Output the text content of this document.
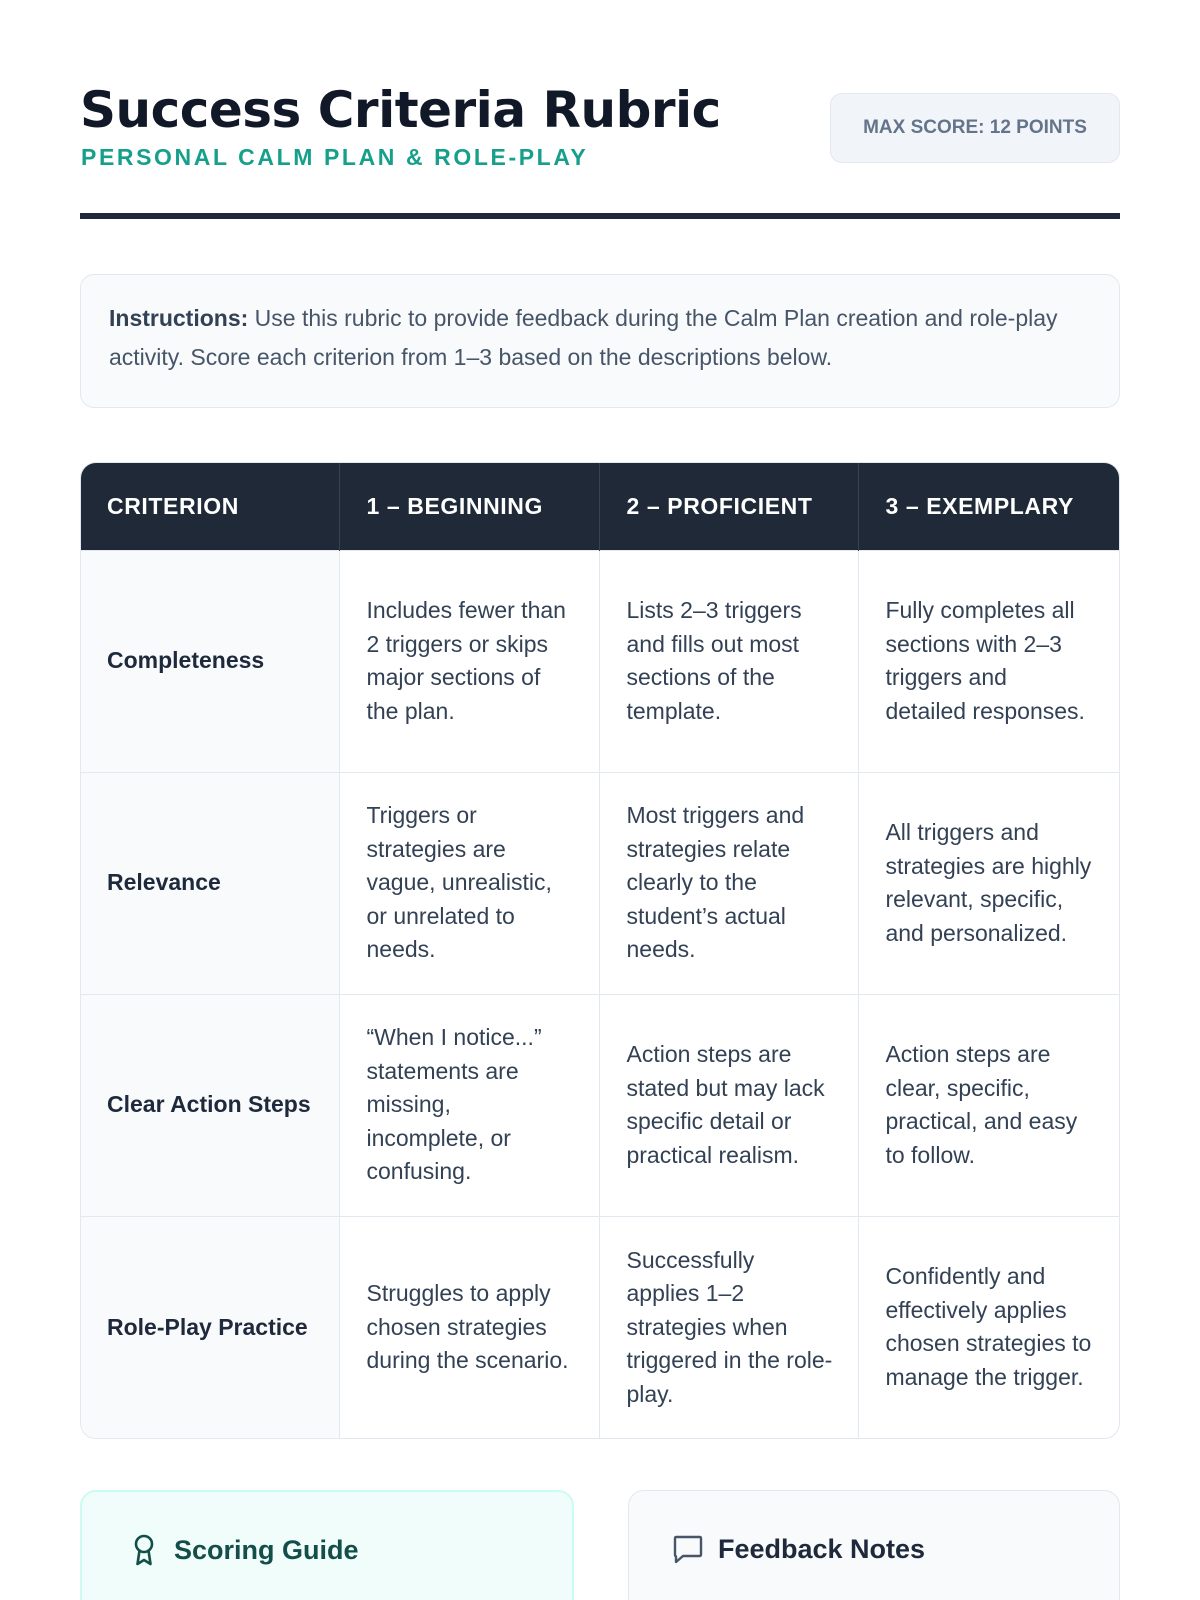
Success Criteria Rubric
PERSONAL CALM PLAN & ROLE-PLAY
MAX SCORE: 12 POINTS
Instructions: Use this rubric to provide feedback during the Calm Plan creation and role-play activity. Score each criterion from 1–3 based on the descriptions below.
CRITERION	1 – BEGINNING	2 – PROFICIENT	3 – EXEMPLARY
Completeness	Includes fewer than 2 triggers or skips major sections of the plan.	Lists 2–3 triggers and fills out most sections of the template.	Fully completes all sections with 2–3 triggers and detailed responses.
Relevance	Triggers or strategies are vague, unrealistic, or unrelated to needs.	Most triggers and strategies relate clearly to the student’s actual needs.	All triggers and strategies are highly relevant, specific, and personalized.
Clear Action Steps	“When I notice...” statements are missing, incomplete, or confusing.	Action steps are stated but may lack specific detail or practical realism.	Action steps are clear, specific, practical, and easy to follow.
Role-Play Practice	Struggles to apply chosen strategies during the scenario.	Successfully applies 1–2 strategies when triggered in the role-play.	Confidently and effectively applies chosen strategies to manage the trigger.
Scoring Guide	Feedback Notes
